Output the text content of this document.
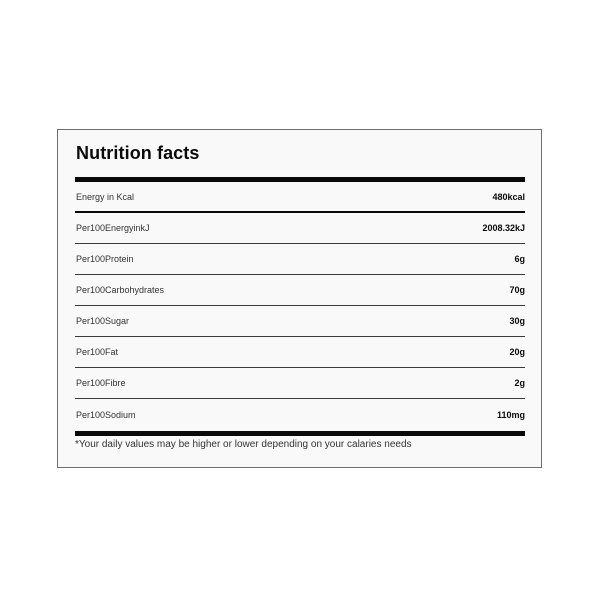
Nutrition facts
Energy in Kcal	480kcal
Per100EnergyinkJ	2008.32kJ
Per100Protein	6g
Per100Carbohydrates	70g
Per100Sugar	30g
Per100Fat	20g
Per100Fibre	2g
Per100Sodium	110mg
*Your daily values may be higher or lower depending on your calaries needs
